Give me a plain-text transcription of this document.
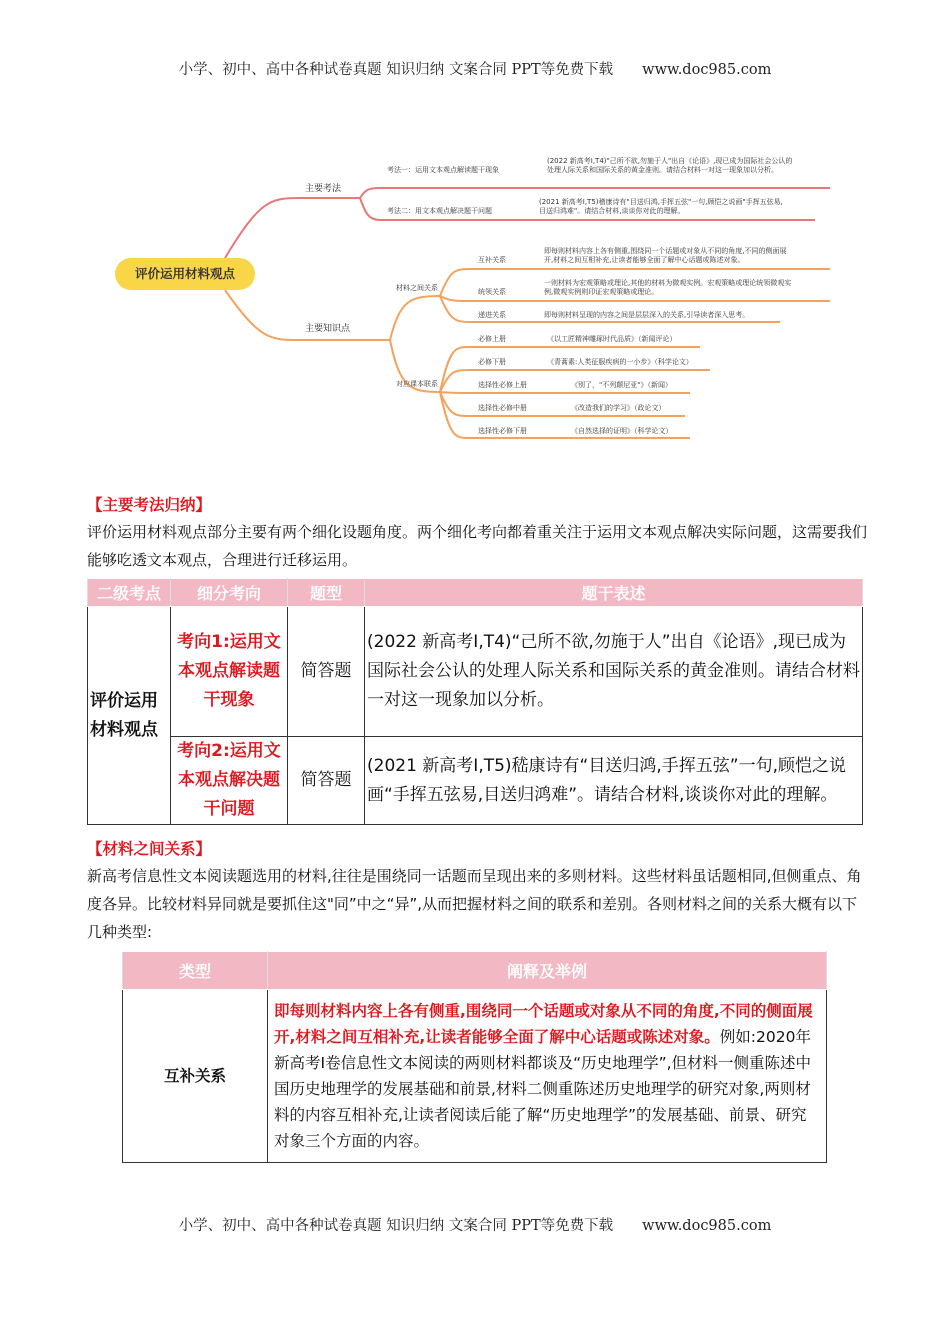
小学、初中、高中各种试卷真题 知识归纳 文案合同 PPT等免费下载　　www.doc985.com
评价运用材料观点
主要考法
考法一：运用文本观点解读题干现象
(2022 新高考Ⅰ,T4)"己所不欲,勿施于人"出自《论语》,现已成为国际社会公认的
处理人际关系和国际关系的黄金准则。请结合材料一对这一现象加以分析。
考法二：用文本观点解决题干问题
(2021 新高考Ⅰ,T5)稽康诗有"目送归鸿,手挥五弦"一句,顾恺之说画"手挥五弦易,
目送归鸿难"。请结合材料,谈谈你对此的理解。
主要知识点
材料之间关系
对应课本联系
互补关系
即每则材料内容上各有侧重,围绕同一个话题或对象从不同的角度,不同的侧面展
开,材料之间互相补充,让读者能够全面了解中心话题或陈述对象。
统领关系
一则材料为宏观策略或理论,其他的材料为微观实例。宏观策略或理论统领微观实
例,微观实例则印证宏观策略或理论。
递进关系	即每则材料呈现的内容之间是层层深入的关系,引导读者深入思考。
必修上册	《以工匠精神雕琢时代品质》（新闻评论）
必修下册	《青蒿素:人类征服疾病的一小步》（科学论文）
选择性必修上册	《别了，"不列颠尼亚"》（新闻）
选择性必修中册	《改造我们的学习》（政论文）
选择性必修下册	《自然选择的证明》（科学论文）
【主要考法归纳】
评价运用材料观点部分主要有两个细化设题角度。两个细化考向都着重关注于运用文本观点解决实际问题，这需要我们能够吃透文本观点，合理进行迁移运用。
二级考点	细分考向	题型	题干表述
评价运用材料观点	考向1:运用文本观点解读题干现象	简答题	(2022 新高考Ⅰ,T4)“己所不欲,勿施于人”出自《论语》,现已成为国际社会公认的处理人际关系和国际关系的黄金准则。请结合材料一对这一现象加以分析。
	考向2:运用文本观点解决题干问题	简答题	(2021 新高考Ⅰ,T5)嵇康诗有“目送归鸿,手挥五弦”一句,顾恺之说画“手挥五弦易,目送归鸿难”。请结合材料,谈谈你对此的理解。
【材料之间关系】
新高考信息性文本阅读题选用的材料,往往是围绕同一话题而呈现出来的多则材料。这些材料虽话题相同,但侧重点、角度各异。比较材料异同就是要抓住这"同”中之“异”,从而把握材料之间的联系和差别。各则材料之间的关系大概有以下几种类型:
类型	阐释及举例
互补关系	即每则材料内容上各有侧重,围绕同一个话题或对象从不同的角度,不同的侧面展开,材料之间互相补充,让读者能够全面了解中心话题或陈述对象。例如:2020年新高考Ⅰ卷信息性文本阅读的两则材料都谈及“历史地理学”,但材料一侧重陈述中国历史地理学的发展基础和前景,材料二侧重陈述历史地理学的研究对象,两则材料的内容互相补充,让读者阅读后能了解“历史地理学”的发展基础、前景、研究对象三个方面的内容。
小学、初中、高中各种试卷真题 知识归纳 文案合同 PPT等免费下载　　www.doc985.com
